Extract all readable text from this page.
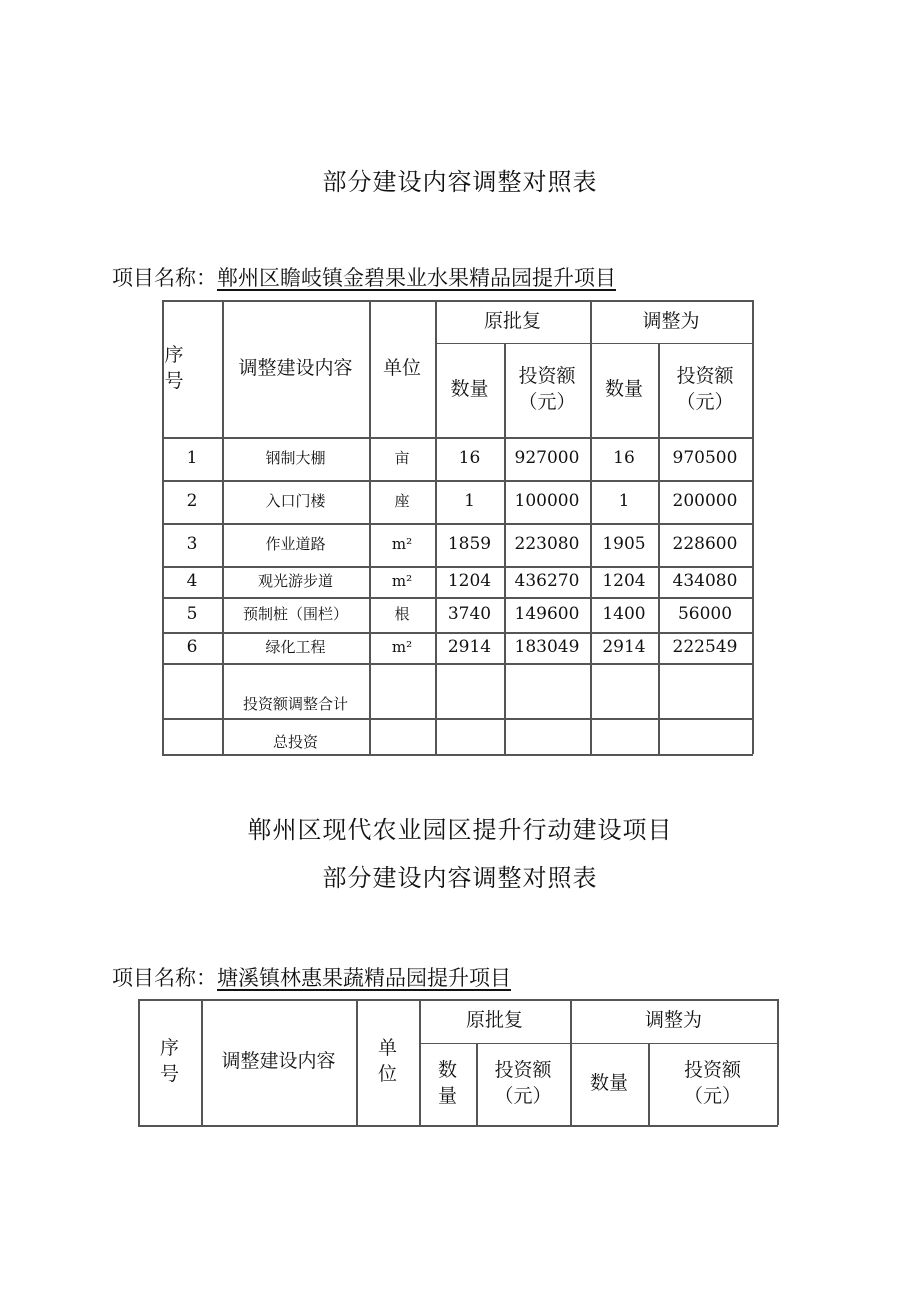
部分建设内容调整对照表
项目名称：郸州区瞻岐镇金碧果业水果精品园提升项目
序号
调整建设内容	单位
原批复	调整为
数量
投资额（元）
数量
投资额（元）
1	钢制大棚	亩	16	927000	16	970500
2	入口门楼	座	1	100000	1	200000
3	作业道路	m²	1859	223080	1905	228600
4	观光游步道	m²	1204	436270	1204	434080
5	预制桩（围栏）	根	3740	149600	1400	56000
6	绿化工程	m²	2914	183049	2914	222549
投资额调整合计
总投资
郸州区现代农业园区提升行动建设项目
部分建设内容调整对照表
项目名称：塘溪镇林惠果蔬精品园提升项目
序号
调整建设内容
单位
原批复	调整为
数量
投资额（元）
数量
投资额（元）
